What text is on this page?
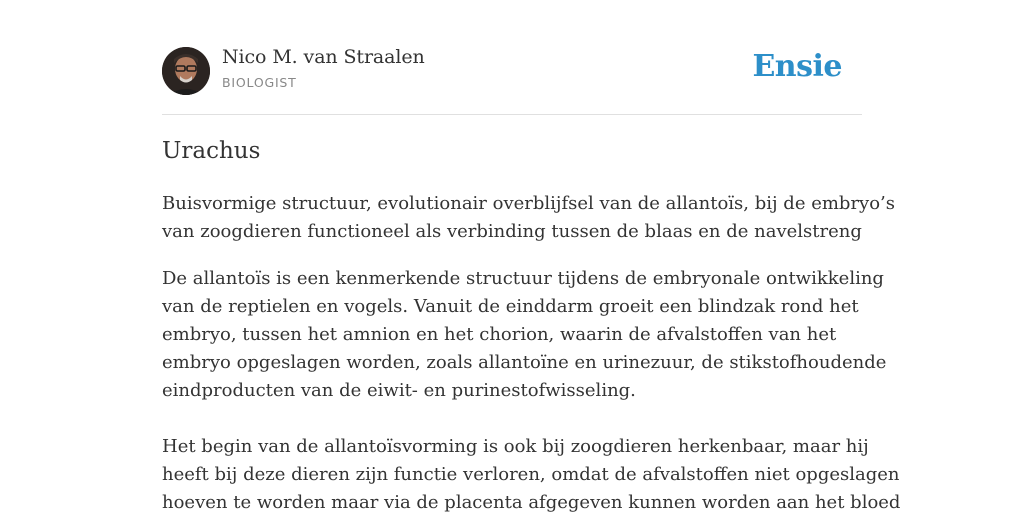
Nico M. van Straalen
BIOLOGIST	Ensie
Urachus

Buisvormige structuur, evolutionair overblijfsel van de allantoïs, bij de embryo’s
van zoogdieren functioneel als verbinding tussen de blaas en de navelstreng

De allantoïs is een kenmerkende structuur tijdens de embryonale ontwikkeling
van de reptielen en vogels. Vanuit de einddarm groeit een blindzak rond het
embryo, tussen het amnion en het chorion, waarin de afvalstoffen van het
embryo opgeslagen worden, zoals allantoïne en urinezuur, de stikstofhoudende
eindproducten van de eiwit- en purinestofwisseling.
Het begin van de allantoïsvorming is ook bij zoogdieren herkenbaar, maar hij
heeft bij deze dieren zijn functie verloren, omdat de afvalstoffen niet opgeslagen
hoeven te worden maar via de placenta afgegeven kunnen worden aan het bloed
